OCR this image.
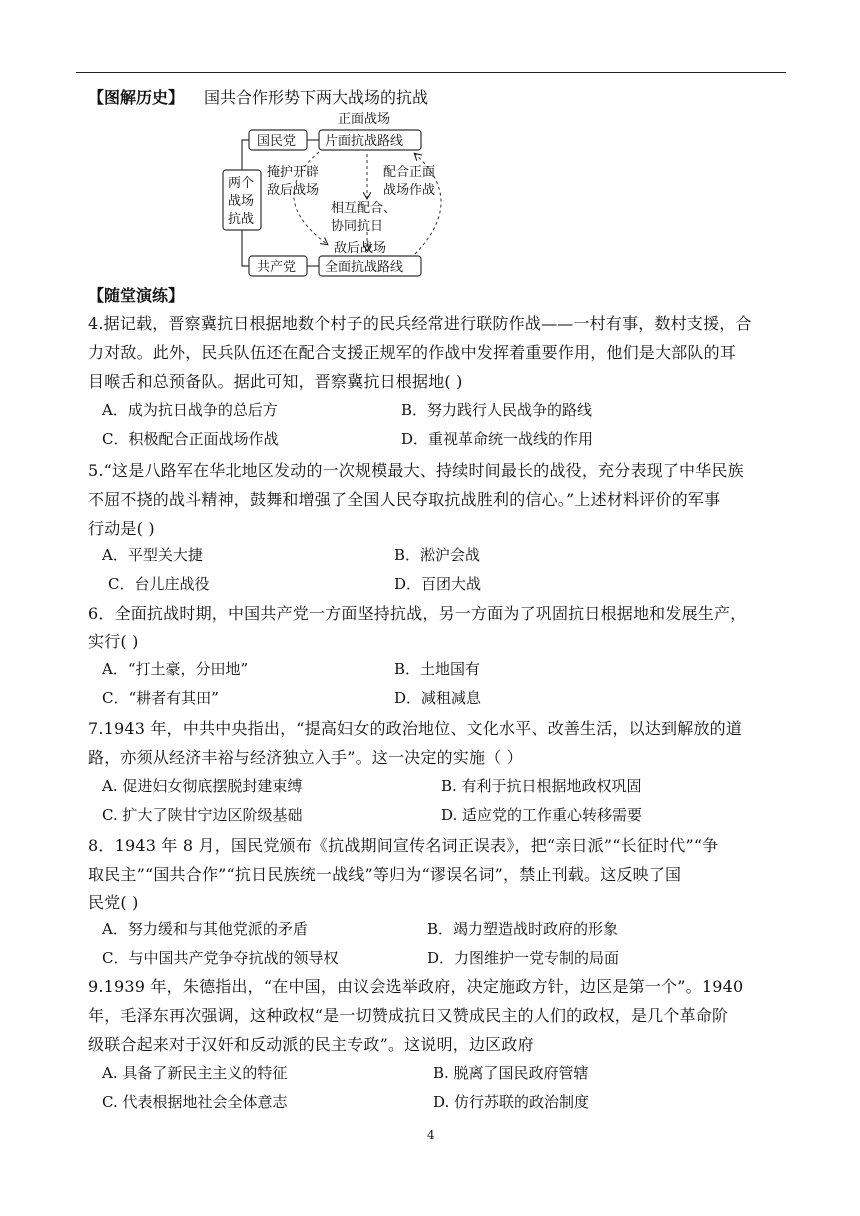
【图解历史】 国共合作形势下两大战场的抗战
两个
战场
抗战
国民党 片面抗战路线
正面战场
共产党 全面抗战路线
敌后战场
掩护开辟
敌后战场
配合正面
战场作战
相互配合、
协同抗日
【随堂演练】
4.据记载，晋察冀抗日根据地数个村子的民兵经常进行联防作战——一村有事，数村支援，合
力对敌。此外，民兵队伍还在配合支援正规军的作战中发挥着重要作用，他们是大部队的耳
目喉舌和总预备队。据此可知，晋察冀抗日根据地( )
A．成为抗日战争的总后方	B．努力践行人民战争的路线
C．积极配合正面战场作战	D．重视革命统一战线的作用
5.“这是八路军在华北地区发动的一次规模最大、持续时间最长的战役，充分表现了中华民族
不屈不挠的战斗精神，鼓舞和增强了全国人民夺取抗战胜利的信心。”上述材料评价的军事
行动是( )
A．平型关大捷	B．淞沪会战
C．台儿庄战役	D．百团大战
6．全面抗战时期，中国共产党一方面坚持抗战，另一方面为了巩固抗日根据地和发展生产，
实行( )
A．“打土豪，分田地”	B．土地国有
C．“耕者有其田”	D．减租减息
7.1943 年，中共中央指出，“提高妇女的政治地位、文化水平、改善生活，以达到解放的道
路，亦须从经济丰裕与经济独立入手”。这一决定的实施（ ）
A. 促进妇女彻底摆脱封建束缚	B. 有利于抗日根据地政权巩固
C. 扩大了陕甘宁边区阶级基础	D. 适应党的工作重心转移需要
8．1943 年 8 月，国民党颁布《抗战期间宣传名词正误表》，把“亲日派”“长征时代”“争
取民主”“国共合作”“抗日民族统一战线”等归为“谬误名词”，禁止刊载。这反映了国
民党( )
A．努力缓和与其他党派的矛盾	B．竭力塑造战时政府的形象
C．与中国共产党争夺抗战的领导权	D．力图维护一党专制的局面
9.1939 年，朱德指出，“在中国，由议会选举政府，决定施政方针，边区是第一个”。1940
年，毛泽东再次强调，这种政权“是一切赞成抗日又赞成民主的人们的政权，是几个革命阶
级联合起来对于汉奸和反动派的民主专政”。这说明，边区政府
A. 具备了新民主主义的特征	B. 脱离了国民政府管辖
C. 代表根据地社会全体意志	D. 仿行苏联的政治制度
4
